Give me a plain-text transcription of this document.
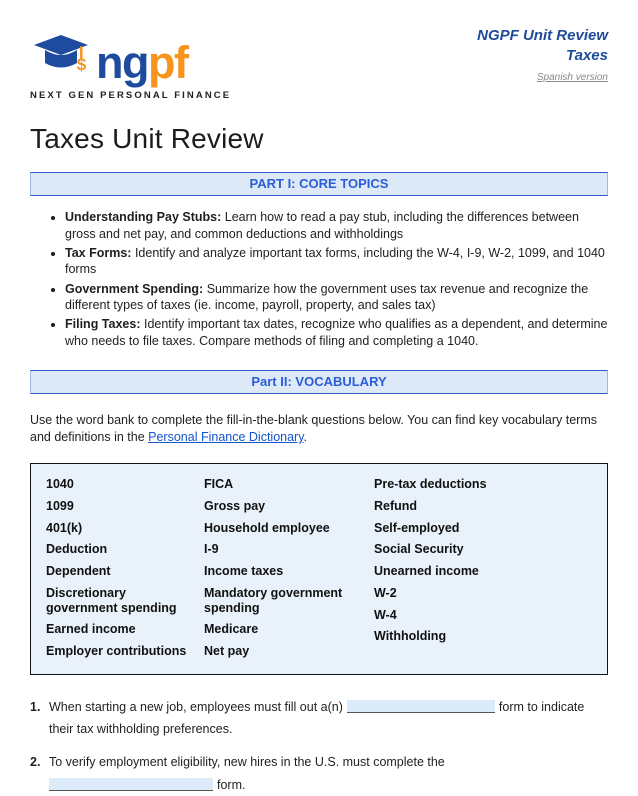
$ ngpf
NEXT GEN PERSONAL FINANCE
NGPF Unit Review
Taxes
Spanish version
Taxes Unit Review
PART I: CORE TOPICS
• Understanding Pay Stubs: Learn how to read a pay stub, including the differences between gross and net pay, and common deductions and withholdings
• Tax Forms: Identify and analyze important tax forms, including the W-4, I-9, W-2, 1099, and 1040 forms
• Government Spending: Summarize how the government uses tax revenue and recognize the different types of taxes (ie. income, payroll, property, and sales tax)
• Filing Taxes: Identify important tax dates, recognize who qualifies as a dependent, and determine who needs to file taxes. Compare methods of filing and completing a 1040.
Part II: VOCABULARY

Use the word bank to complete the fill-in-the-blank questions below. You can find key vocabulary terms and definitions in the Personal Finance Dictionary.

1040
1099
401(k)
Deduction
Dependent
Discretionary government spending
Earned income
Employer contributions
FICA
Gross pay
Household employee
I-9
Income taxes
Mandatory government spending
Medicare
Net pay
Pre-tax deductions
Refund
Self-employed
Social Security
Unearned income
W-2
W-4
Withholding
1. When starting a new job, employees must fill out a(n)	form to indicate their tax withholding preferences.
2. To verify employment eligibility, new hires in the U.S. must complete the form.
